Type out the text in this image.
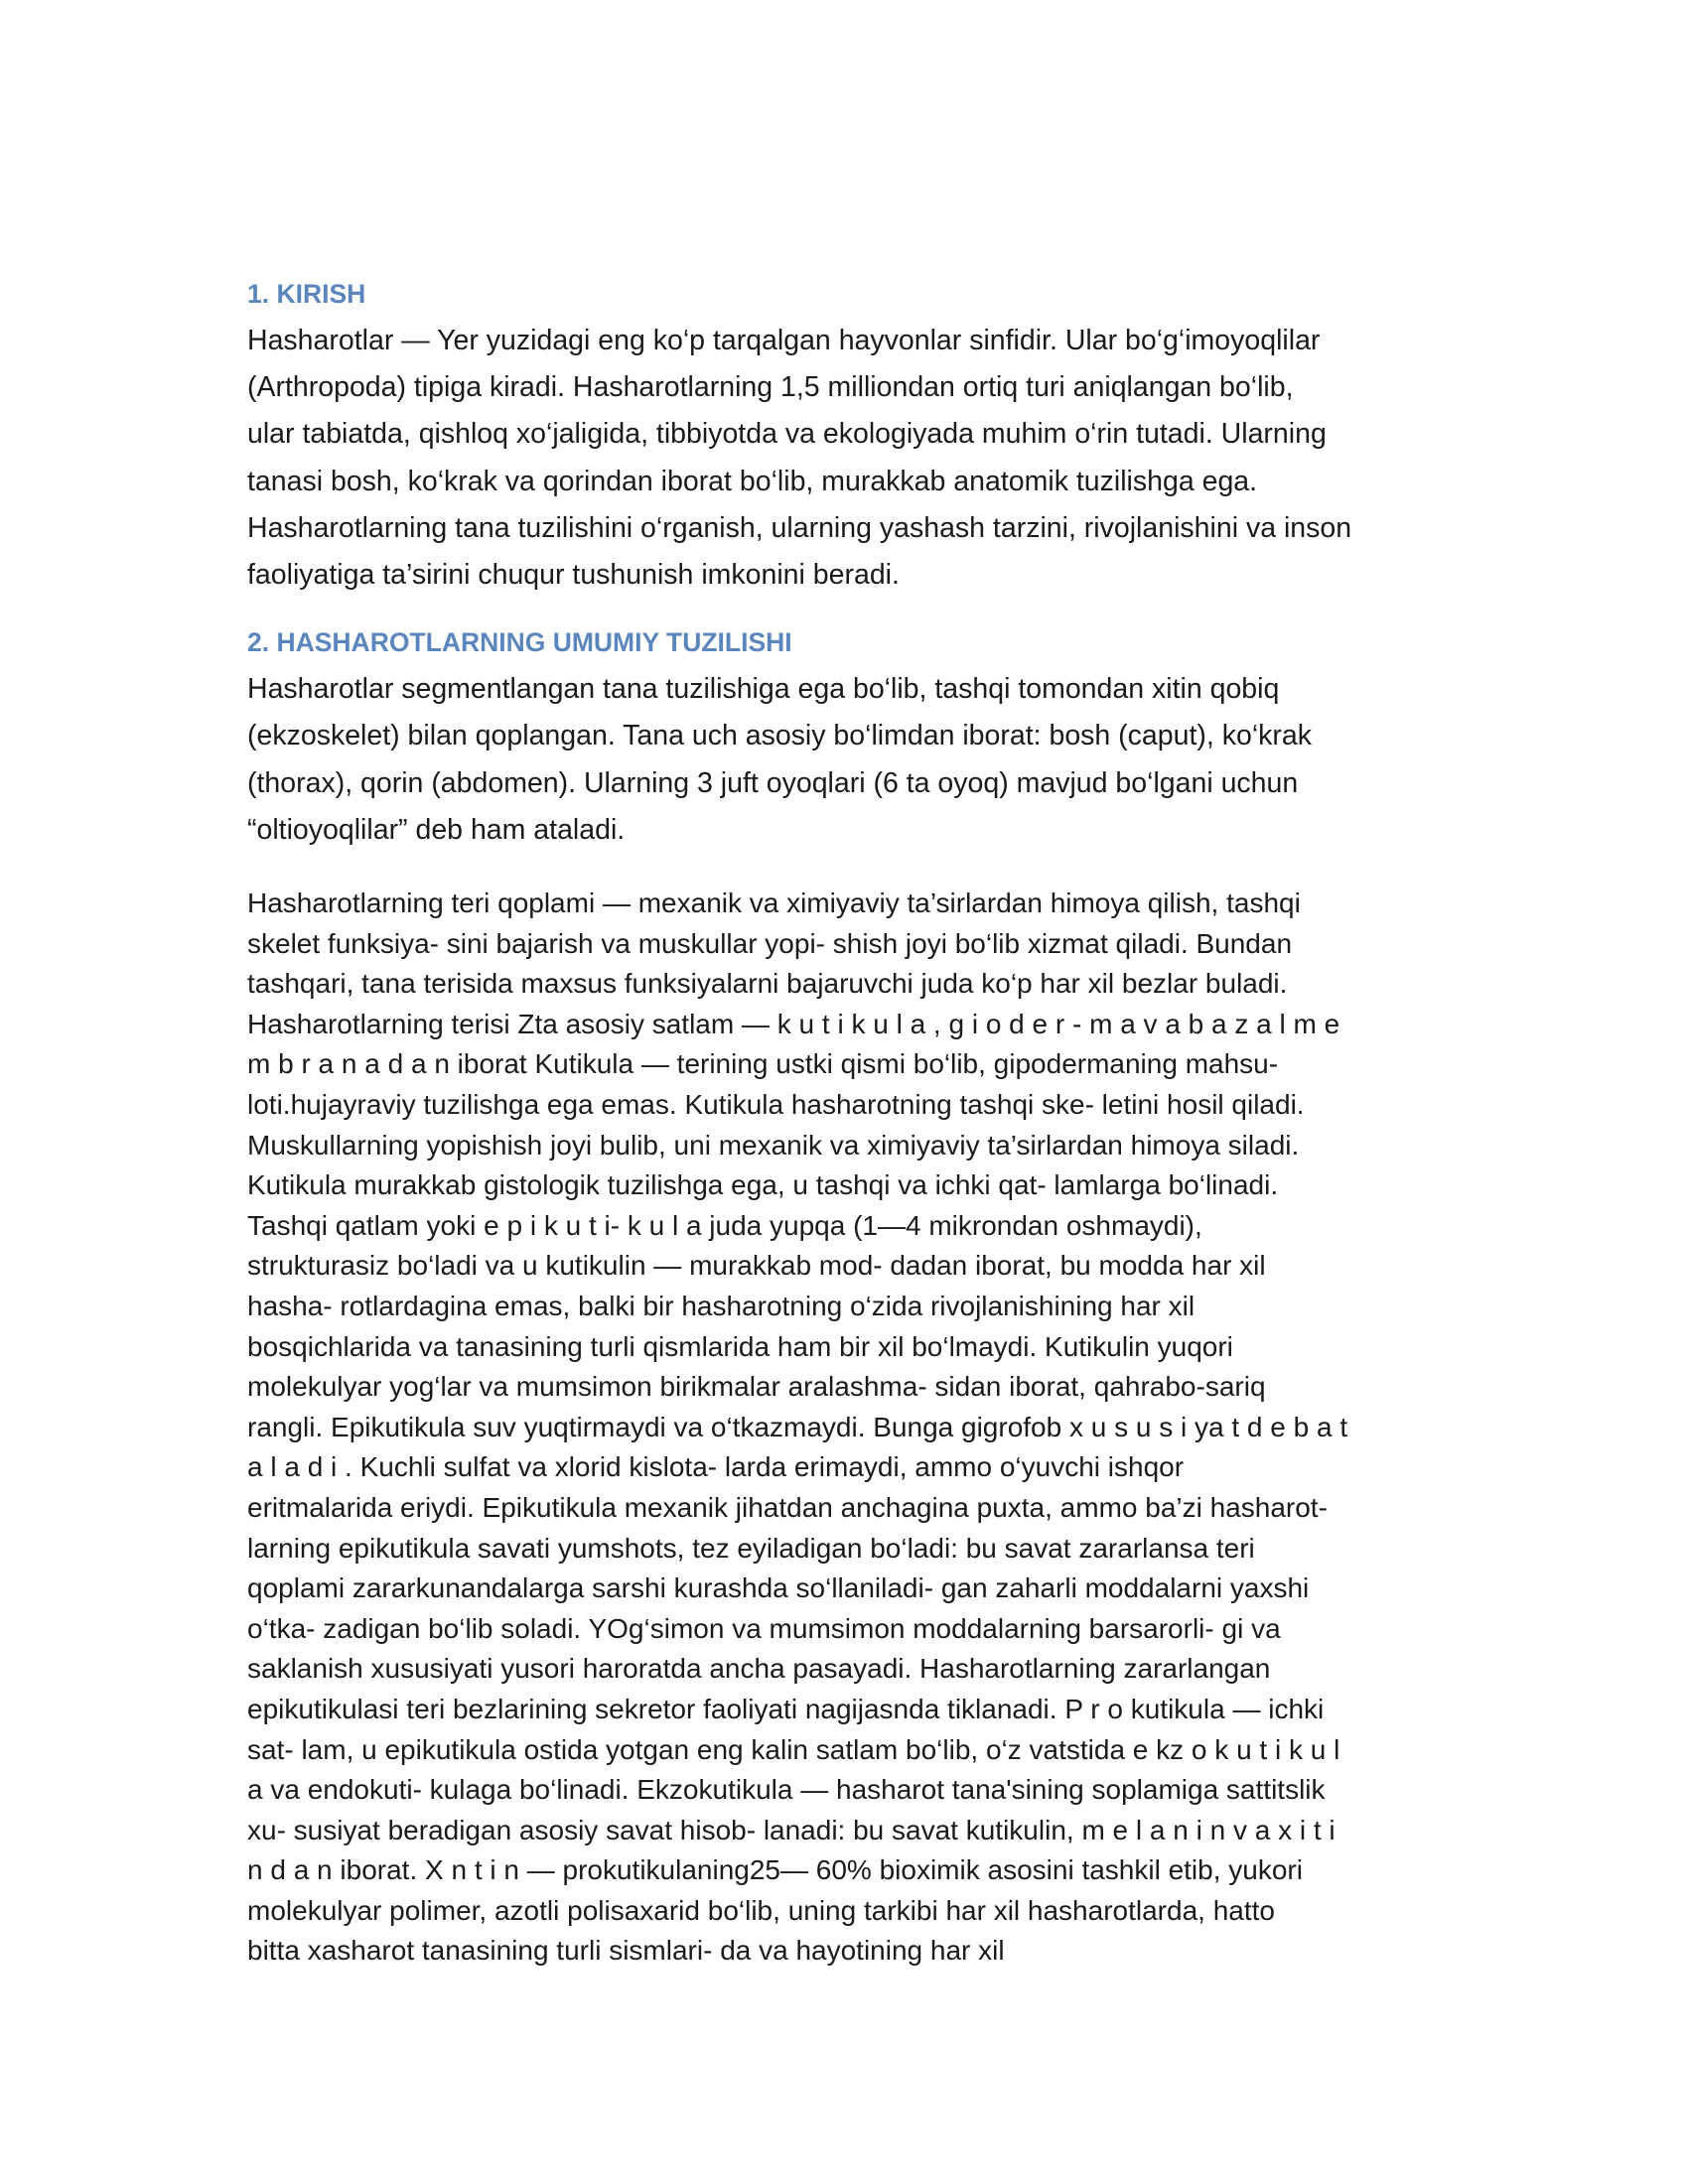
1. KIRISH

Hasharotlar — Yer yuzidagi eng ko‘p tarqalgan hayvonlar sinfidir. Ular bo‘g‘imoyoqlilar
(Arthropoda) tipiga kiradi. Hasharotlarning 1,5 milliondan ortiq turi aniqlangan bo‘lib,
ular tabiatda, qishloq xo‘jaligida, tibbiyotda va ekologiyada muhim o‘rin tutadi. Ularning
tanasi bosh, ko‘krak va qorindan iborat bo‘lib, murakkab anatomik tuzilishga ega.
Hasharotlarning tana tuzilishini o‘rganish, ularning yashash tarzini, rivojlanishini va inson
faoliyatiga ta’sirini chuqur tushunish imkonini beradi.

2. HASHAROTLARNING UMUMIY TUZILISHI

Hasharotlar segmentlangan tana tuzilishiga ega bo‘lib, tashqi tomondan xitin qobiq
(ekzoskelet) bilan qoplangan. Tana uch asosiy bo‘limdan iborat: bosh (caput), ko‘krak
(thorax), qorin (abdomen). Ularning 3 juft oyoqlari (6 ta oyoq) mavjud bo‘lgani uchun
“oltioyoqlilar” deb ham ataladi.

Hasharotlarning teri qoplami — mexanik va ximiyaviy ta’sirlardan himoya qilish, tashqi
skelet funksiya- sini bajarish va muskullar yopi- shish joyi bo‘lib xizmat qiladi. Bundan
tashqari, tana terisida maxsus funksiyalarni bajaruvchi juda ko‘p har xil bezlar buladi.
Hasharotlarning terisi Zta asosiy satlam — k u t i k u l a , g i o d e r - m a v a b a z a l m e
m b r a n a d a n iborat Kutikula — terining ustki qismi bo‘lib, gipodermaning mahsu-
loti.hujayraviy tuzilishga ega emas. Kutikula hasharotning tashqi ske- letini hosil qiladi.
Muskullarning yopishish joyi bulib, uni mexanik va ximiyaviy ta’sirlardan himoya siladi.
Kutikula murakkab gistologik tuzilishga ega, u tashqi va ichki qat- lamlarga bo‘linadi.
Tashqi qatlam yoki e p i k u t i- k u l a juda yupqa (1—4 mikrondan oshmaydi),
strukturasiz bo‘ladi va u kutikulin — murakkab mod- dadan iborat, bu modda har xil
hasha- rotlardagina emas, balki bir hasharotning o‘zida rivojlanishining har xil
bosqichlarida va tanasining turli qismlarida ham bir xil bo‘lmaydi. Kutikulin yuqori
molekulyar yog‘lar va mumsimon birikmalar aralashma- sidan iborat, qahrabo-sariq
rangli. Epikutikula suv yuqtirmaydi va o‘tkazmaydi. Bunga gigrofob x u s u s i ya t d e b a t
a l a d i . Kuchli sulfat va xlorid kislota- larda erimaydi, ammo o‘yuvchi ishqor
eritmalarida eriydi. Epikutikula mexanik jihatdan anchagina puxta, ammo ba’zi hasharot-
larning epikutikula savati yumshots, tez eyiladigan bo‘ladi: bu savat zararlansa teri
qoplami zararkunandalarga sarshi kurashda so‘llaniladi- gan zaharli moddalarni yaxshi
o‘tka- zadigan bo‘lib soladi. YOg‘simon va mumsimon moddalarning barsarorli- gi va
saklanish xususiyati yusori haroratda ancha pasayadi. Hasharotlarning zararlangan
epikutikulasi teri bezlarining sekretor faoliyati nagijasnda tiklanadi. P r o kutikula — ichki
sat- lam, u epikutikula ostida yotgan eng kalin satlam bo‘lib, o‘z vatstida e kz o k u t i k u l
a va endokuti- kulaga bo‘linadi. Ekzokutikula — hasharot tana'sining soplamiga sattitslik
xu- susiyat beradigan asosiy savat hisob- lanadi: bu savat kutikulin, m e l a n i n v a x i t i
n d a n iborat. X n t i n — prokutikulaning25— 60% bioximik asosini tashkil etib, yukori
molekulyar polimer, azotli polisaxarid bo‘lib, uning tarkibi har xil hasharotlarda, hatto
bitta xasharot tanasining turli sismlari- da va hayotining har xil
